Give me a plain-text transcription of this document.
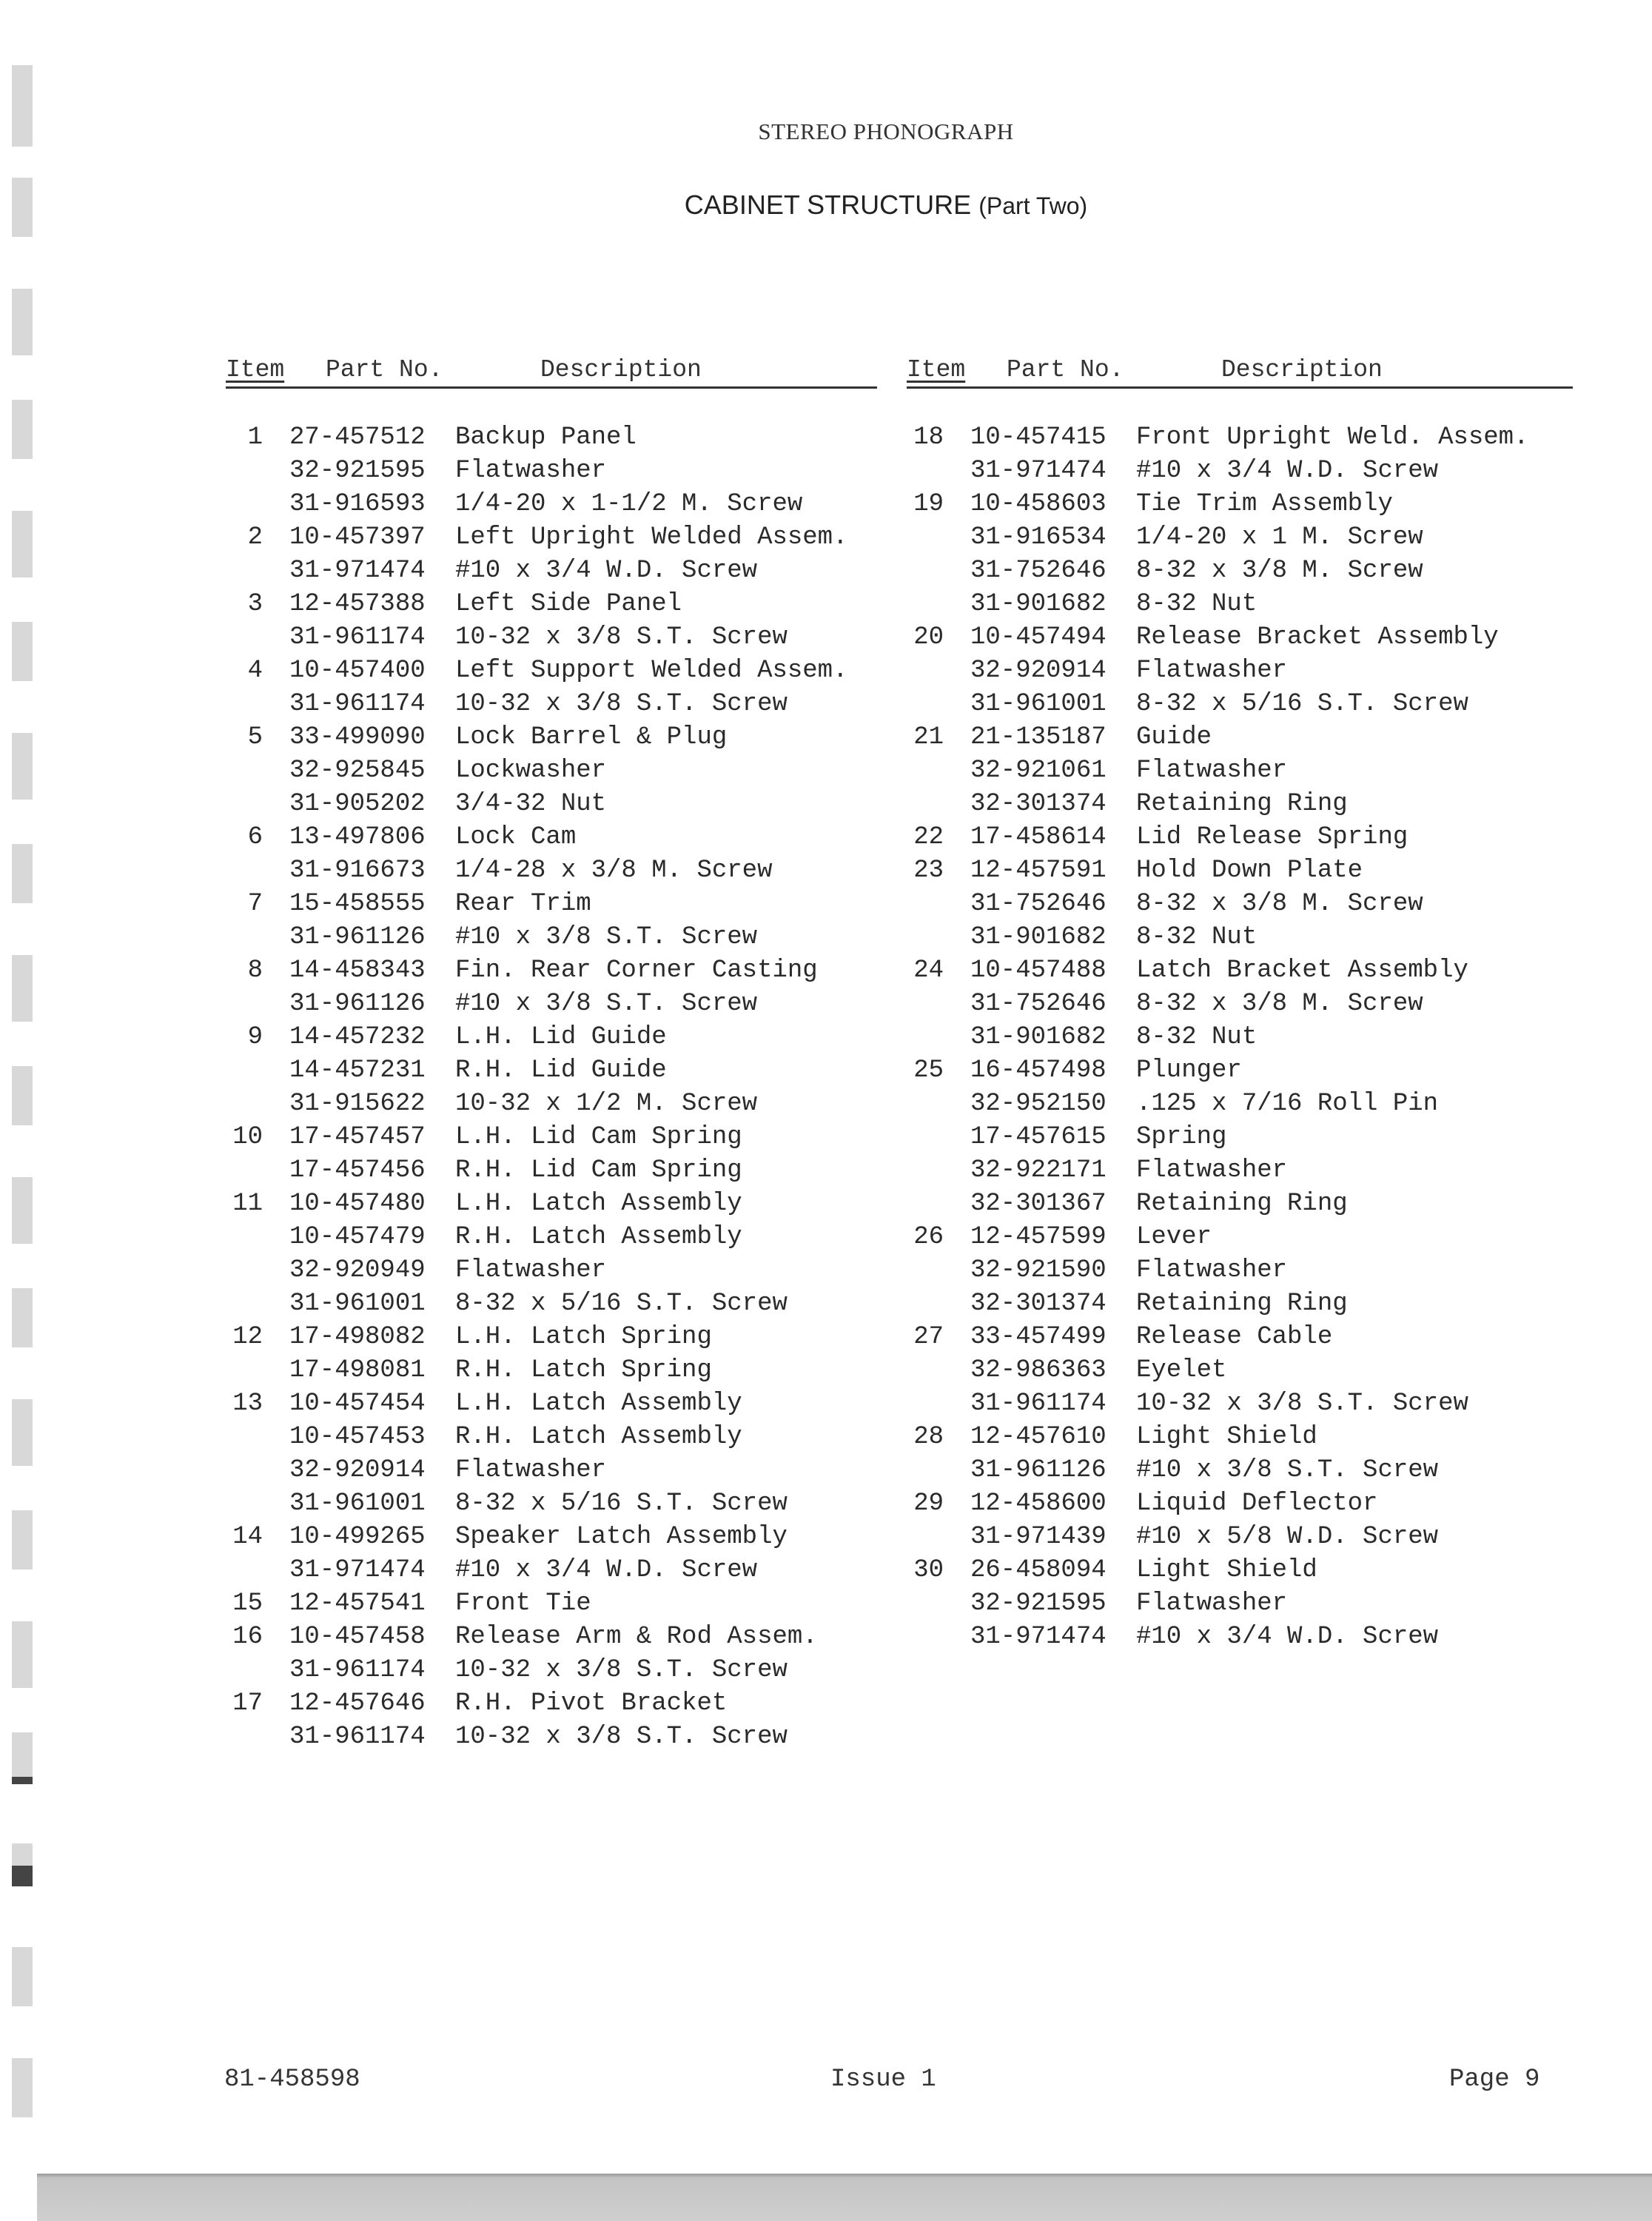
STEREO PHONOGRAPH
CABINET STRUCTURE (Part Two)
Item	Part No.	Description
1	27-457512	Backup Panel
32-921595	Flatwasher
31-916593	1/4-20 x 1-1/2 M. Screw
2	10-457397	Left Upright Welded Assem.
31-971474	#10 x 3/4 W.D. Screw
3	12-457388	Left Side Panel
31-961174	10-32 x 3/8 S.T. Screw
4	10-457400	Left Support Welded Assem.
31-961174	10-32 x 3/8 S.T. Screw
5	33-499090	Lock Barrel & Plug
32-925845	Lockwasher
31-905202	3/4-32 Nut
6	13-497806	Lock Cam
31-916673	1/4-28 x 3/8 M. Screw
7	15-458555	Rear Trim
31-961126	#10 x 3/8 S.T. Screw
8	14-458343	Fin. Rear Corner Casting
31-961126	#10 x 3/8 S.T. Screw
9	14-457232	L.H. Lid Guide
14-457231	R.H. Lid Guide
31-915622	10-32 x 1/2 M. Screw
10	17-457457	L.H. Lid Cam Spring
17-457456	R.H. Lid Cam Spring
11	10-457480	L.H. Latch Assembly
10-457479	R.H. Latch Assembly
32-920949	Flatwasher
31-961001	8-32 x 5/16 S.T. Screw
12	17-498082	L.H. Latch Spring
17-498081	R.H. Latch Spring
13	10-457454	L.H. Latch Assembly
10-457453	R.H. Latch Assembly
32-920914	Flatwasher
31-961001	8-32 x 5/16 S.T. Screw
14	10-499265	Speaker Latch Assembly
31-971474	#10 x 3/4 W.D. Screw
15	12-457541	Front Tie
16	10-457458	Release Arm & Rod Assem.
31-961174	10-32 x 3/8 S.T. Screw
17	12-457646	R.H. Pivot Bracket
31-961174	10-32 x 3/8 S.T. Screw
Item	Part No.	Description
18	10-457415	Front Upright Weld. Assem.
31-971474	#10 x 3/4 W.D. Screw
19	10-458603	Tie Trim Assembly
31-916534	1/4-20 x 1 M. Screw
31-752646	8-32 x 3/8 M. Screw
31-901682	8-32 Nut
20	10-457494	Release Bracket Assembly
32-920914	Flatwasher
31-961001	8-32 x 5/16 S.T. Screw
21	21-135187	Guide
32-921061	Flatwasher
32-301374	Retaining Ring
22	17-458614	Lid Release Spring
23	12-457591	Hold Down Plate
31-752646	8-32 x 3/8 M. Screw
31-901682	8-32 Nut
24	10-457488	Latch Bracket Assembly
31-752646	8-32 x 3/8 M. Screw
31-901682	8-32 Nut
25	16-457498	Plunger
32-952150	.125 x 7/16 Roll Pin
17-457615	Spring
32-922171	Flatwasher
32-301367	Retaining Ring
26	12-457599	Lever
32-921590	Flatwasher
32-301374	Retaining Ring
27	33-457499	Release Cable
32-986363	Eyelet
31-961174	10-32 x 3/8 S.T. Screw
28	12-457610	Light Shield
31-961126	#10 x 3/8 S.T. Screw
29	12-458600	Liquid Deflector
31-971439	#10 x 5/8 W.D. Screw
30	26-458094	Light Shield
32-921595	Flatwasher
31-971474	#10 x 3/4 W.D. Screw
81-458598	Issue 1	Page 9
